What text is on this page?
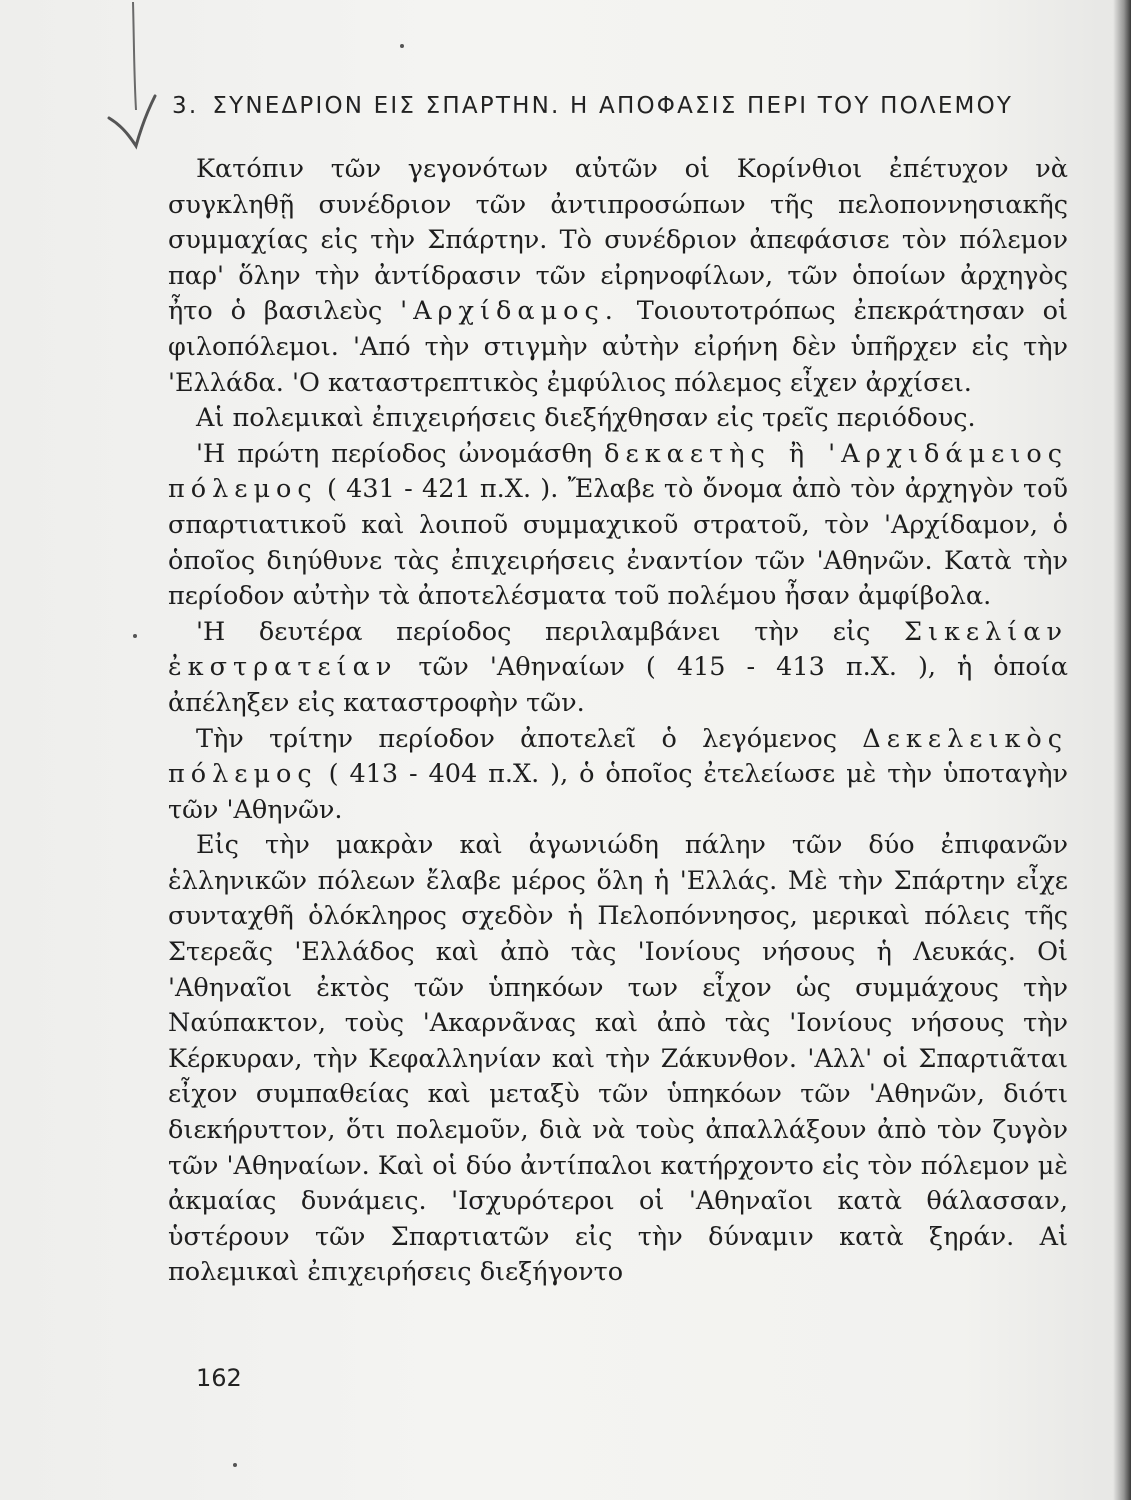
3. ΣΥΝΕΔΡΙΟΝ ΕΙΣ ΣΠΑΡΤΗΝ. Η ΑΠΟΦΑΣΙΣ ΠΕΡΙ ΤΟΥ ΠΟΛΕΜΟΥ

Κατόπιν τῶν γεγονότων αὐτῶν οἱ Κορίνθιοι ἐπέτυχον νὰ συγκληθῇ συνέδριον τῶν ἀντιπροσώπων τῆς πελοποννησιακῆς συμμαχίας εἰς τὴν Σπάρτην. Τὸ συνέδριον ἀπεφάσισε τὸν πόλεμον παρ' ὅλην τὴν ἀντίδρασιν τῶν εἰρηνοφίλων, τῶν ὁποίων ἀρχηγὸς ἦτο ὁ βασιλεὺς 'Αρχίδαμος. Τοιουτοτρόπως ἐπεκράτησαν οἱ φιλοπόλεμοι. 'Από τὴν στιγμὴν αὐτὴν εἰρήνη δὲν ὑπῆρχεν εἰς τὴν 'Ελλάδα. 'Ο καταστρεπτικὸς ἐμφύλιος πόλεμος εἶχεν ἀρχίσει.

Αἱ πολεμικαὶ ἐπιχειρήσεις διεξήχθησαν εἰς τρεῖς περιόδους.

'Η πρώτη περίοδος ὠνομάσθη δεκαετὴς ἢ 'Αρχιδάμειος πόλεμος ( 431 - 421 π.Χ. ). Ἔλαβε τὸ ὄνομα ἀπὸ τὸν ἀρχηγὸν τοῦ σπαρτιατικοῦ καὶ λοιποῦ συμμαχικοῦ στρατοῦ, τὸν 'Αρχίδαμον, ὁ ὁποῖος διηύθυνε τὰς ἐπιχειρήσεις ἐναντίον τῶν 'Αθηνῶν. Κατὰ τὴν περίοδον αὐτὴν τὰ ἀποτελέσματα τοῦ πολέμου ἦσαν ἀμφίβολα.

'Η δευτέρα περίοδος περιλαμβάνει τὴν εἰς Σικελίαν ἐκστρατείαν τῶν 'Αθηναίων ( 415 - 413 π.Χ. ), ἡ ὁποία ἀπέληξεν εἰς καταστροφὴν τῶν.

Τὴν τρίτην περίοδον ἀποτελεῖ ὁ λεγόμενος Δεκελεικὸς πόλεμος ( 413 - 404 π.Χ. ), ὁ ὁποῖος ἐτελείωσε μὲ τὴν ὑποταγὴν τῶν 'Αθηνῶν.

Εἰς τὴν μακρὰν καὶ ἀγωνιώδη πάλην τῶν δύο ἐπιφανῶν ἑλληνικῶν πόλεων ἔλαβε μέρος ὅλη ἡ 'Ελλάς. Μὲ τὴν Σπάρτην εἶχε συνταχθῆ ὁλόκληρος σχεδὸν ἡ Πελοπόννησος, μερικαὶ πόλεις τῆς Στερεᾶς 'Ελλάδος καὶ ἀπὸ τὰς 'Ιονίους νήσους ἡ Λευκάς. Οἱ 'Αθηναῖοι ἐκτὸς τῶν ὑπηκόων των εἶχον ὡς συμμάχους τὴν Ναύπακτον, τοὺς 'Ακαρνᾶνας καὶ ἀπὸ τὰς 'Ιονίους νήσους τὴν Κέρκυραν, τὴν Κεφαλληνίαν καὶ τὴν Ζάκυνθον. 'Αλλ' οἱ Σπαρτιᾶται εἶχον συμπαθείας καὶ μεταξὺ τῶν ὑπηκόων τῶν 'Αθηνῶν, διότι διεκήρυττον, ὅτι πολεμοῦν, διὰ νὰ τοὺς ἀπαλλάξουν ἀπὸ τὸν ζυγὸν τῶν 'Αθηναίων. Καὶ οἱ δύο ἀντίπαλοι κατήρχοντο εἰς τὸν πόλεμον μὲ ἀκμαίας δυνάμεις. 'Ισχυρότεροι οἱ 'Αθηναῖοι κατὰ θάλασσαν, ὑστέρουν τῶν Σπαρτιατῶν εἰς τὴν δύναμιν κατὰ ξηράν. Αἱ πολεμικαὶ ἐπιχειρήσεις διεξήγοντο

162
